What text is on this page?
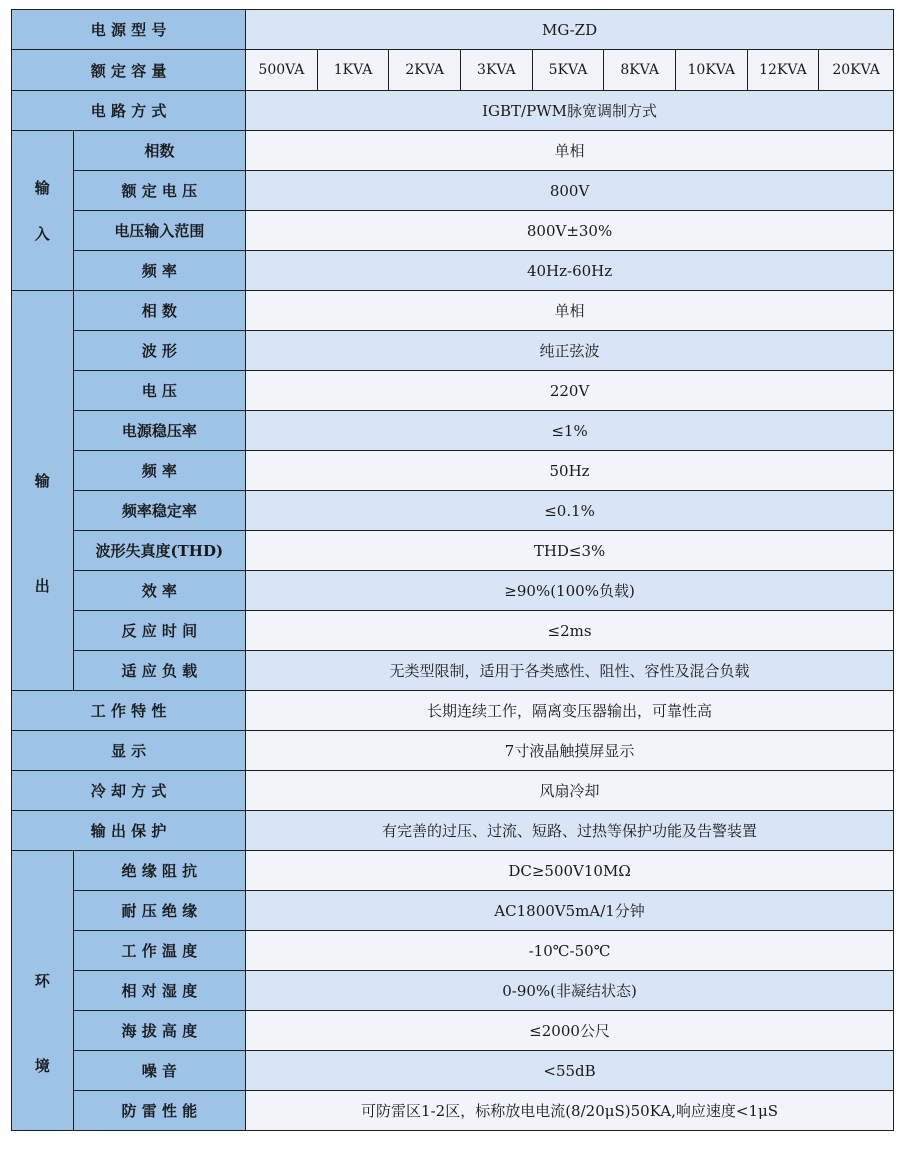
电 源 型 号		MG-ZD								
额 定 容 量		500VA	1KVA	2KVA	3KVA	5KVA	8KVA	10KVA	12KVA	20KVA
电 路 方 式		IGBT/PWM脉宽调制方式								

输
入	相数	单相								
	额 定 电 压	800V								
	电压输入范围	800V±30%								
	频 率	40Hz-60Hz								

输
出	相 数	单相								
	波 形	纯正弦波								
	电 压	220V								
	电源稳压率	≤1%								
	频 率	50Hz								
	频率稳定率	≤0.1%								
	波形失真度(THD)	THD≤3%								
	效 率	≥90%(100%负载)								
	反 应 时 间	≤2ms								
	适 应 负 载	无类型限制，适用于各类感性、阻性、容性及混合负载								
工 作 特 性		长期连续工作，隔离变压器输出，可靠性高								
显 示		7寸液晶触摸屏显示								
冷 却 方 式		风扇冷却								
输 出 保 护		有完善的过压、过流、短路、过热等保护功能及告警装置								

环
境	绝 缘 阻 抗	DC≥500V10MΩ								
	耐 压 绝 缘	AC1800V5mA/1分钟								
	工 作 温 度	-10℃-50℃								
	相 对 湿 度	0-90%(非凝结状态)								
	海 拔 高 度	≤2000公尺								
	噪 音	<55dB								
	防 雷 性 能	可防雷区1-2区，标称放电电流(8/20μS)50KA,响应速度<1μS								
